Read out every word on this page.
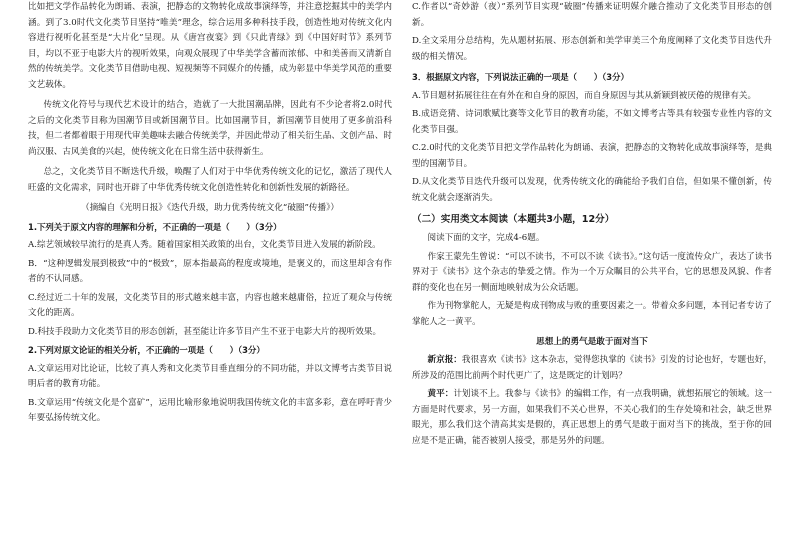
比如把文学作品转化为朗诵、表演，把静态的文物转化成故事演绎等，并注意挖掘其中的美学内涵。到了3.0时代文化类节目坚持“唯美”理念，综合运用多种科技手段，创造性地对传统文化内容进行视听化甚至是“大片化”呈现。从《唐宫夜宴》到《只此青绿》到《中国好时节》系列节目，均以不亚于电影大片的视听效果，向观众展现了中华美学含蓄而浓郁、中和美善而又清新自然的传统美学。文化类节目借助电视、短视频等不同媒介的传播，成为彰显中华美学风范的重要文艺载体。

传统文化符号与现代艺术设计的结合，造就了一大批国潮品牌，因此有不少论者将2.0时代之后的文化类节目称为国潮节目或新国潮节目。比如国潮节目，新国潮节目使用了更多前沿科技，但二者都着眼于用现代审美趣味去融合传统美学，并因此带动了相关衍生品、文创产品、时尚汉服、古风美食的兴起，使传统文化在日常生活中获得新生。

总之，文化类节目不断迭代升级，唤醒了人们对于中华优秀传统文化的记忆，激活了现代人旺盛的文化需求，同时也开辟了中华优秀传统文化创造性转化和创新性发展的新路径。

（摘编自《光明日报》《迭代升级，助力优秀传统文化“破圈”传播》）

1.下列关于原文内容的理解和分析，不正确的一项是（　　）（3分）

A.综艺领域较早流行的是真人秀。随着国家相关政策的出台，文化类节目进入发展的新阶段。

B．“这种逻辑发展到极致”中的“极致”，原本指最高的程度或境地，是褒义的，而这里却含有作者的不认同感。

C.经过近二十年的发展，文化类节目的形式越来越丰富，内容也越来越庸俗，拉近了观众与传统文化的距离。

D.科技手段助力文化类节目的形态创新，甚至能让许多节目产生不亚于电影大片的视听效果。

2.下列对原文论证的相关分析，不正确的一项是（　　）（3分）

A.文章运用对比论证，比较了真人秀和文化类节目垂直细分的不同功能，并以文博考古类节目说明后者的教育功能。

B.文章运用“传统文化是个富矿”，运用比喻形象地说明我国传统文化的丰富多彩，意在呼吁青少年要弘扬传统文化。

C.作者以“奇妙游（夜）”系列节目实现“破圈”传播来证明媒介融合推动了文化类节目形态的创新。

D.全文采用分总结构，先从题材拓展、形态创新和美学审美三个角度阐释了文化类节目迭代升级的相关情况。

3．根据原文内容，下列说法正确的一项是（　　）（3分）

A.节目题材拓展往往在有外在和自身的原因，而自身原因与其从新颖到被厌倦的规律有关。

B.成语竞猜、诗词歌赋比赛等文化节目的教育功能，不如文博考古等具有较强专业性内容的文化类节目强。

C.2.0时代的文化类节目把文学作品转化为朗诵、表演，把静态的文物转化成故事演绎等，是典型的国潮节目。

D.从文化类节目迭代升级可以发现，优秀传统文化的确能给予我们自信，但如果不懂创新，传统文化就会逐渐消失。

（二）实用类文本阅读（本题共3小题，12分）

阅读下面的文字，完成4-6题。

作家王蒙先生曾说：“可以不读书，不可以不读《读书》。”这句话一度流传众广，表达了读书界对于《读书》这个杂志的挚爱之情。作为一个万众瞩目的公共平台，它的思想及风貌、作者群的变化也在另一侧面地映射成为公众话题。

作为刊物掌舵人，无疑是构成刊物成与败的重要因素之一。带着众多问题，本刊记者专访了掌舵人之一黄平。

思想上的勇气是敢于面对当下

新京报：我很喜欢《读书》这本杂志，觉得您执掌的《读书》引发的讨论也好，专题也好，所涉及的范围比前两个时代更广了，这是既定的计划吗？

黄平：计划谈不上。我参与《读书》的编辑工作，有一点我明确，就想拓展它的领域。这一方面是时代要求，另一方面，如果我们不关心世界，不关心我们的生存处境和社会，缺乏世界眼光，那么我们这个清高其实是假的，真正思想上的勇气是敢于面对当下的挑战，至于你的回应是不是正确，能否被别人接受，那是另外的问题。
